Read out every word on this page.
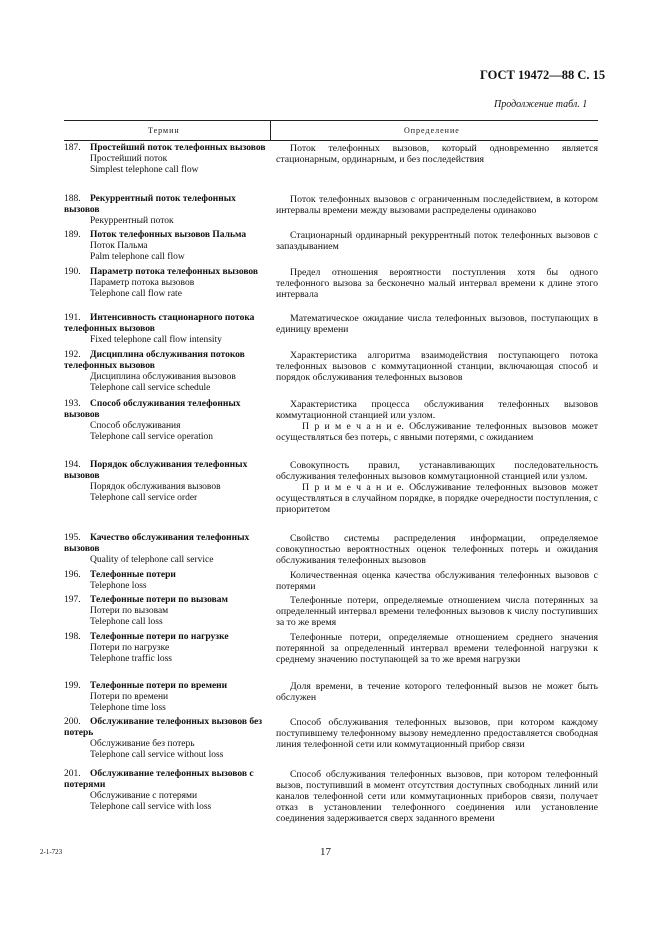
ГОСТ 19472—88 С. 15
Продолжение табл. 1
Термин	Определение
187. Простейший поток телефонных вызовов
Простейший поток
Simplest telephone call flow

Поток телефонных вызовов, который одновременно является стационарным, ординарным, и без последействия

188. Рекуррентный поток телефонных вызовов
Рекуррентный поток

Поток телефонных вызовов с ограниченным последействием, в котором интервалы времени между вызовами распределены одинаково

189. Поток телефонных вызовов Пальма
Поток Пальма
Palm telephone call flow

Стационарный ординарный рекуррентный поток телефонных вызовов с запаздыванием

190. Параметр потока телефонных вызовов
Параметр потока вызовов
Telephone call flow rate

Предел отношения вероятности поступления хотя бы одного телефонного вызова за бесконечно малый интервал времени к длине этого интервала

191. Интенсивность стационарного потока телефонных вызовов
Fixed telephone call flow intensity

Математическое ожидание числа телефонных вызовов, поступающих в единицу времени

192. Дисциплина обслуживания потоков телефонных вызовов
Дисциплина обслуживания вызовов
Telephone call service schedule

Характеристика алгоритма взаимодействия поступающего потока телефонных вызовов с коммутационной станции, включающая способ и порядок обслуживания телефонных вызовов

193. Способ обслуживания телефонных вызовов
Способ обслуживания
Telephone call service operation

Характеристика процесса обслуживания телефонных вызовов коммутационной станцией или узлом.

П р и м е ч а н и е. Обслуживание телефонных вызовов может осуществляться без потерь, с явными потерями, с ожиданием

194. Порядок обслуживания телефонных вызовов
Порядок обслуживания вызовов
Telephone call service order

Совокупность правил, устанавливающих последовательность обслуживания телефонных вызовов коммутационной станцией или узлом.

П р и м е ч а н и е. Обслуживание телефонных вызовов может осуществляться в случайном порядке, в порядке очередности поступления, с приоритетом

195. Качество обслуживания телефонных вызовов
Quality of telephone call service

Свойство системы распределения информации, определяемое совокупностью вероятностных оценок телефонных потерь и ожидания обслуживания телефонных вызовов

196. Телефонные потери
Telephone loss

Количественная оценка качества обслуживания телефонных вызовов с потерями

197. Телефонные потери по вызовам
Потери по вызовам
Telephone call loss

Телефонные потери, определяемые отношением числа потерянных за определенный интервал времени телефонных вызовов к числу поступивших за то же время

198. Телефонные потери по нагрузке
Потери по нагрузке
Telephone traffic loss

Телефонные потери, определяемые отношением среднего значения потерянной за определенный интервал времени телефонной нагрузки к среднему значению поступающей за то же время нагрузки

199. Телефонные потери по времени
Потери по времени
Telephone time loss

Доля времени, в течение которого телефонный вызов не может быть обслужен

200. Обслуживание телефонных вызовов без потерь
Обслуживание без потерь
Telephone call service without loss

Способ обслуживания телефонных вызовов, при котором каждому поступившему телефонному вызову немедленно предоставляется свободная линия телефонной сети или коммутационный прибор связи

201. Обслуживание телефонных вызовов с потерями
Обслуживание с потерями
Telephone call service with loss

Способ обслуживания телефонных вызовов, при котором телефонный вызов, поступивший в момент отсутствия доступных свободных линий или каналов телефонной сети или коммутационных приборов связи, получает отказ в установлении телефонного соединения или установление соединения задерживается сверх заданного времени

2-1-723	17
